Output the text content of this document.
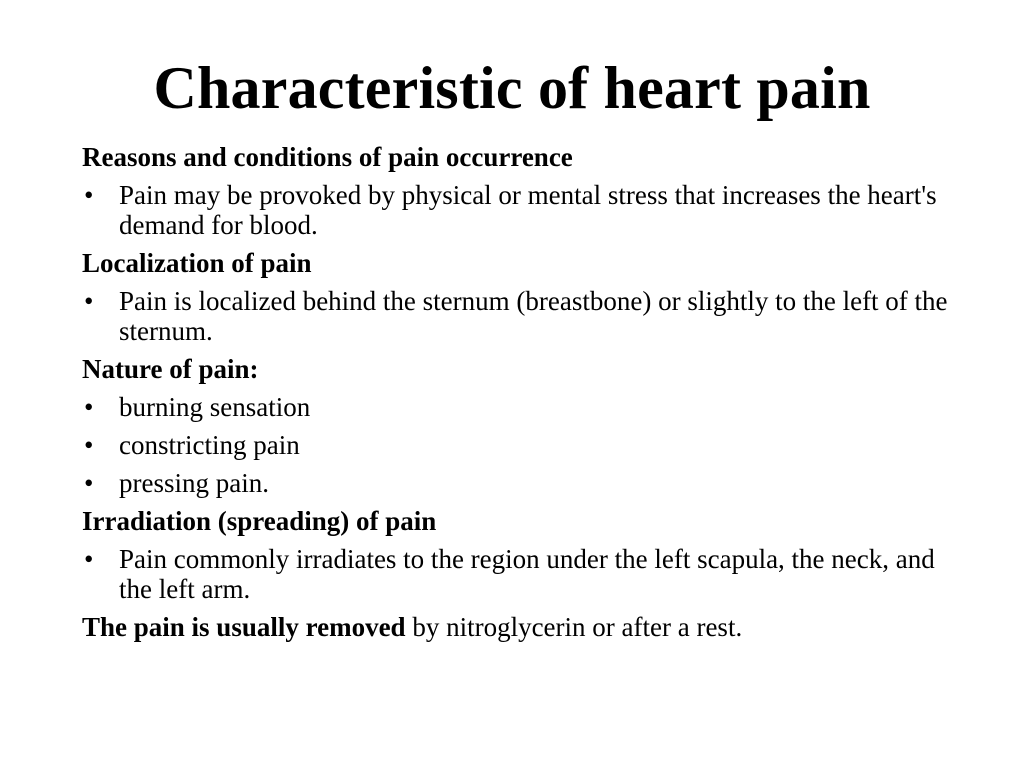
Characteristic of heart pain

Reasons and conditions of pain occurrence

• Pain may be provoked by physical or mental stress that increases the heart's demand for blood.

Localization of pain

• Pain is localized behind the sternum (breastbone) or slightly to the left of the sternum.

Nature of pain:

• burning sensation

• constricting pain

• pressing pain.

Irradiation (spreading) of pain

• Pain commonly irradiates to the region under the left scapula, the neck, and the left arm.

The pain is usually removed by nitroglycerin or after a rest.
